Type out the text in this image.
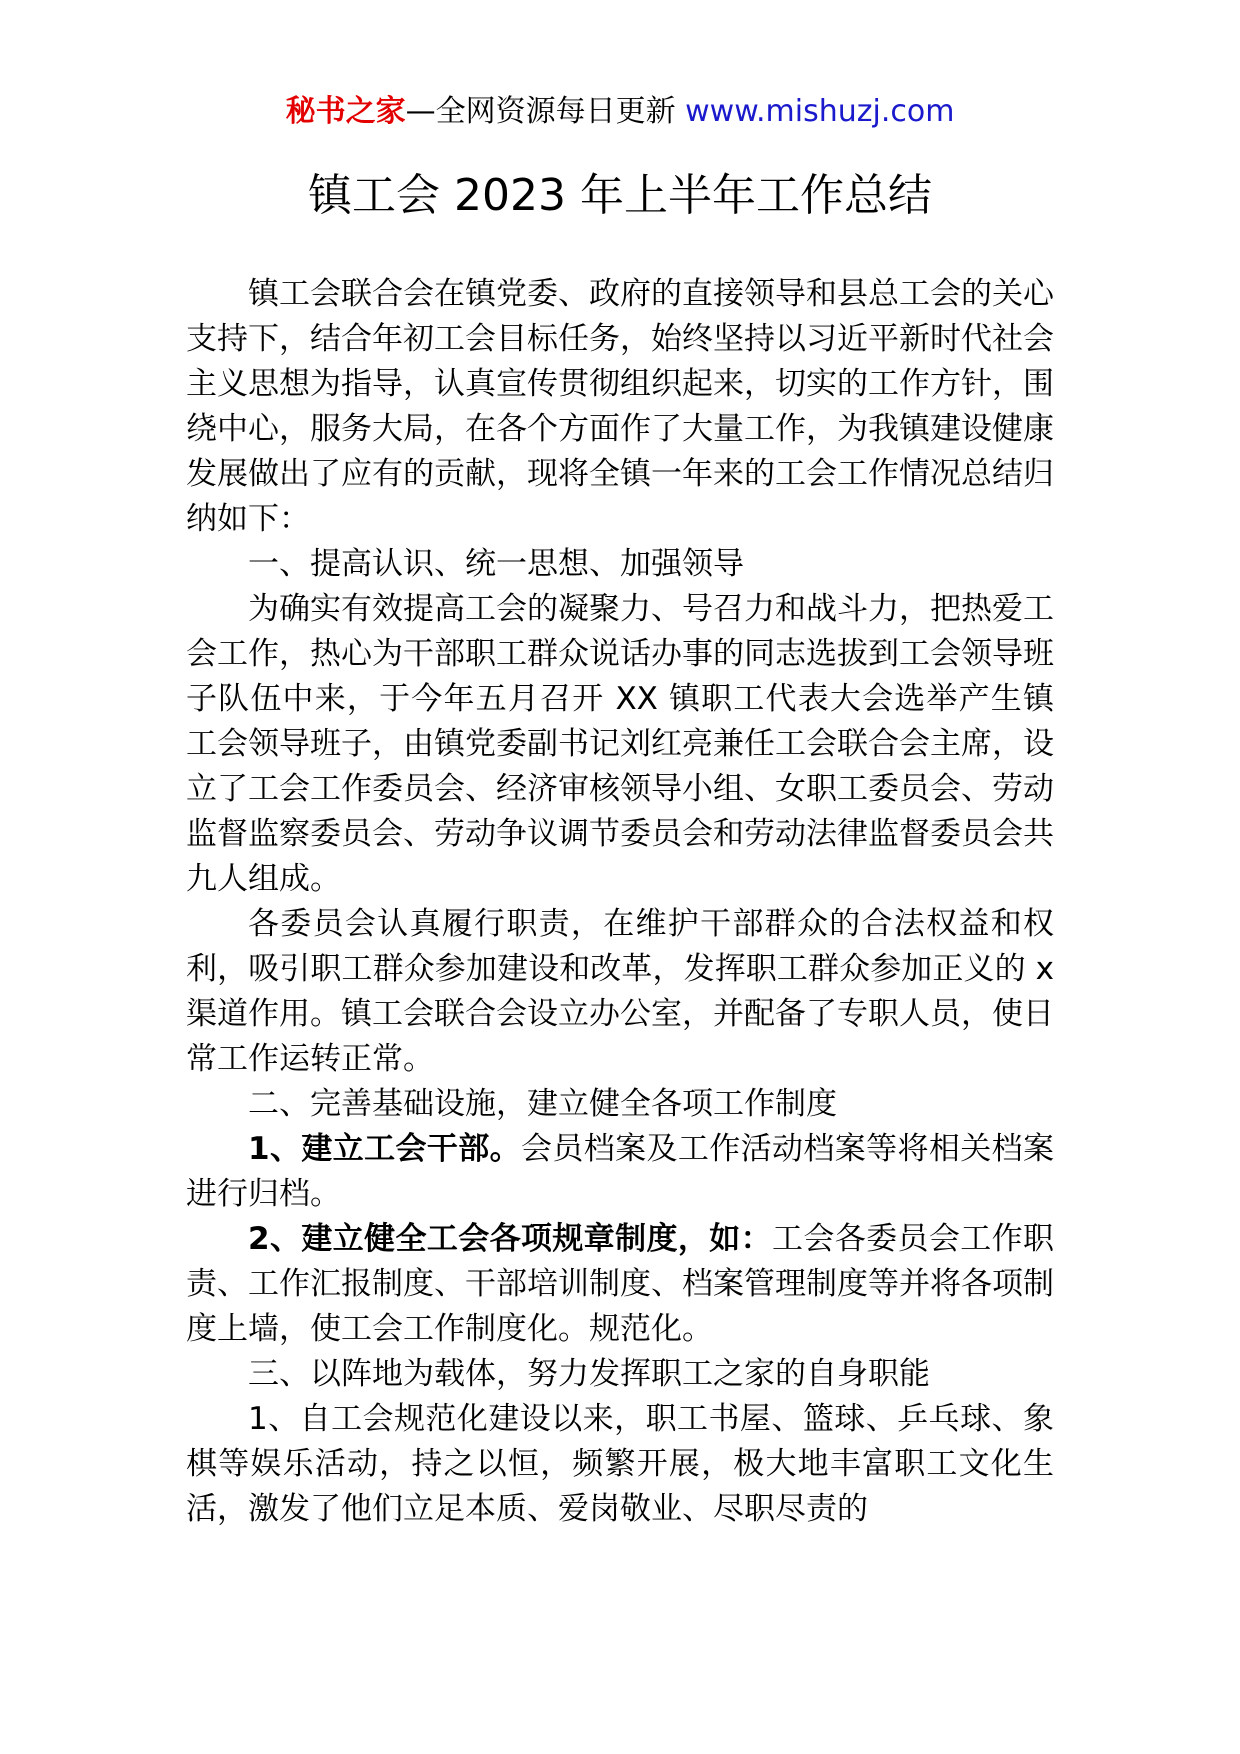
秘书之家—全网资源每日更新 www.mishuzj.com
镇工会 2023 年上半年工作总结

镇工会联合会在镇党委、政府的直接领导和县总工会的关心支持下，结合年初工会目标任务，始终坚持以习近平新时代社会主义思想为指导，认真宣传贯彻组织起来，切实的工作方针，围绕中心，服务大局，在各个方面作了大量工作，为我镇建设健康发展做出了应有的贡献，现将全镇一年来的工会工作情况总结归纳如下：

一、提高认识、统一思想、加强领导

为确实有效提高工会的凝聚力、号召力和战斗力，把热爱工会工作，热心为干部职工群众说话办事的同志选拔到工会领导班子队伍中来，于今年五月召开 XX 镇职工代表大会选举产生镇工会领导班子，由镇党委副书记刘红亮兼任工会联合会主席，设立了工会工作委员会、经济审核领导小组、女职工委员会、劳动监督监察委员会、劳动争议调节委员会和劳动法律监督委员会共九人组成。

各委员会认真履行职责，在维护干部群众的合法权益和权利，吸引职工群众参加建设和改革，发挥职工群众参加正义的 x 渠道作用。镇工会联合会设立办公室，并配备了专职人员，使日常工作运转正常。

二、完善基础设施，建立健全各项工作制度

1、建立工会干部。会员档案及工作活动档案等将相关档案进行归档。

2、建立健全工会各项规章制度，如：工会各委员会工作职责、工作汇报制度、干部培训制度、档案管理制度等并将各项制度上墙，使工会工作制度化。规范化。

三、以阵地为载体，努力发挥职工之家的自身职能

1、自工会规范化建设以来，职工书屋、篮球、乒乓球、象棋等娱乐活动，持之以恒，频繁开展，极大地丰富职工文化生活，激发了他们立足本质、爱岗敬业、尽职尽责的
